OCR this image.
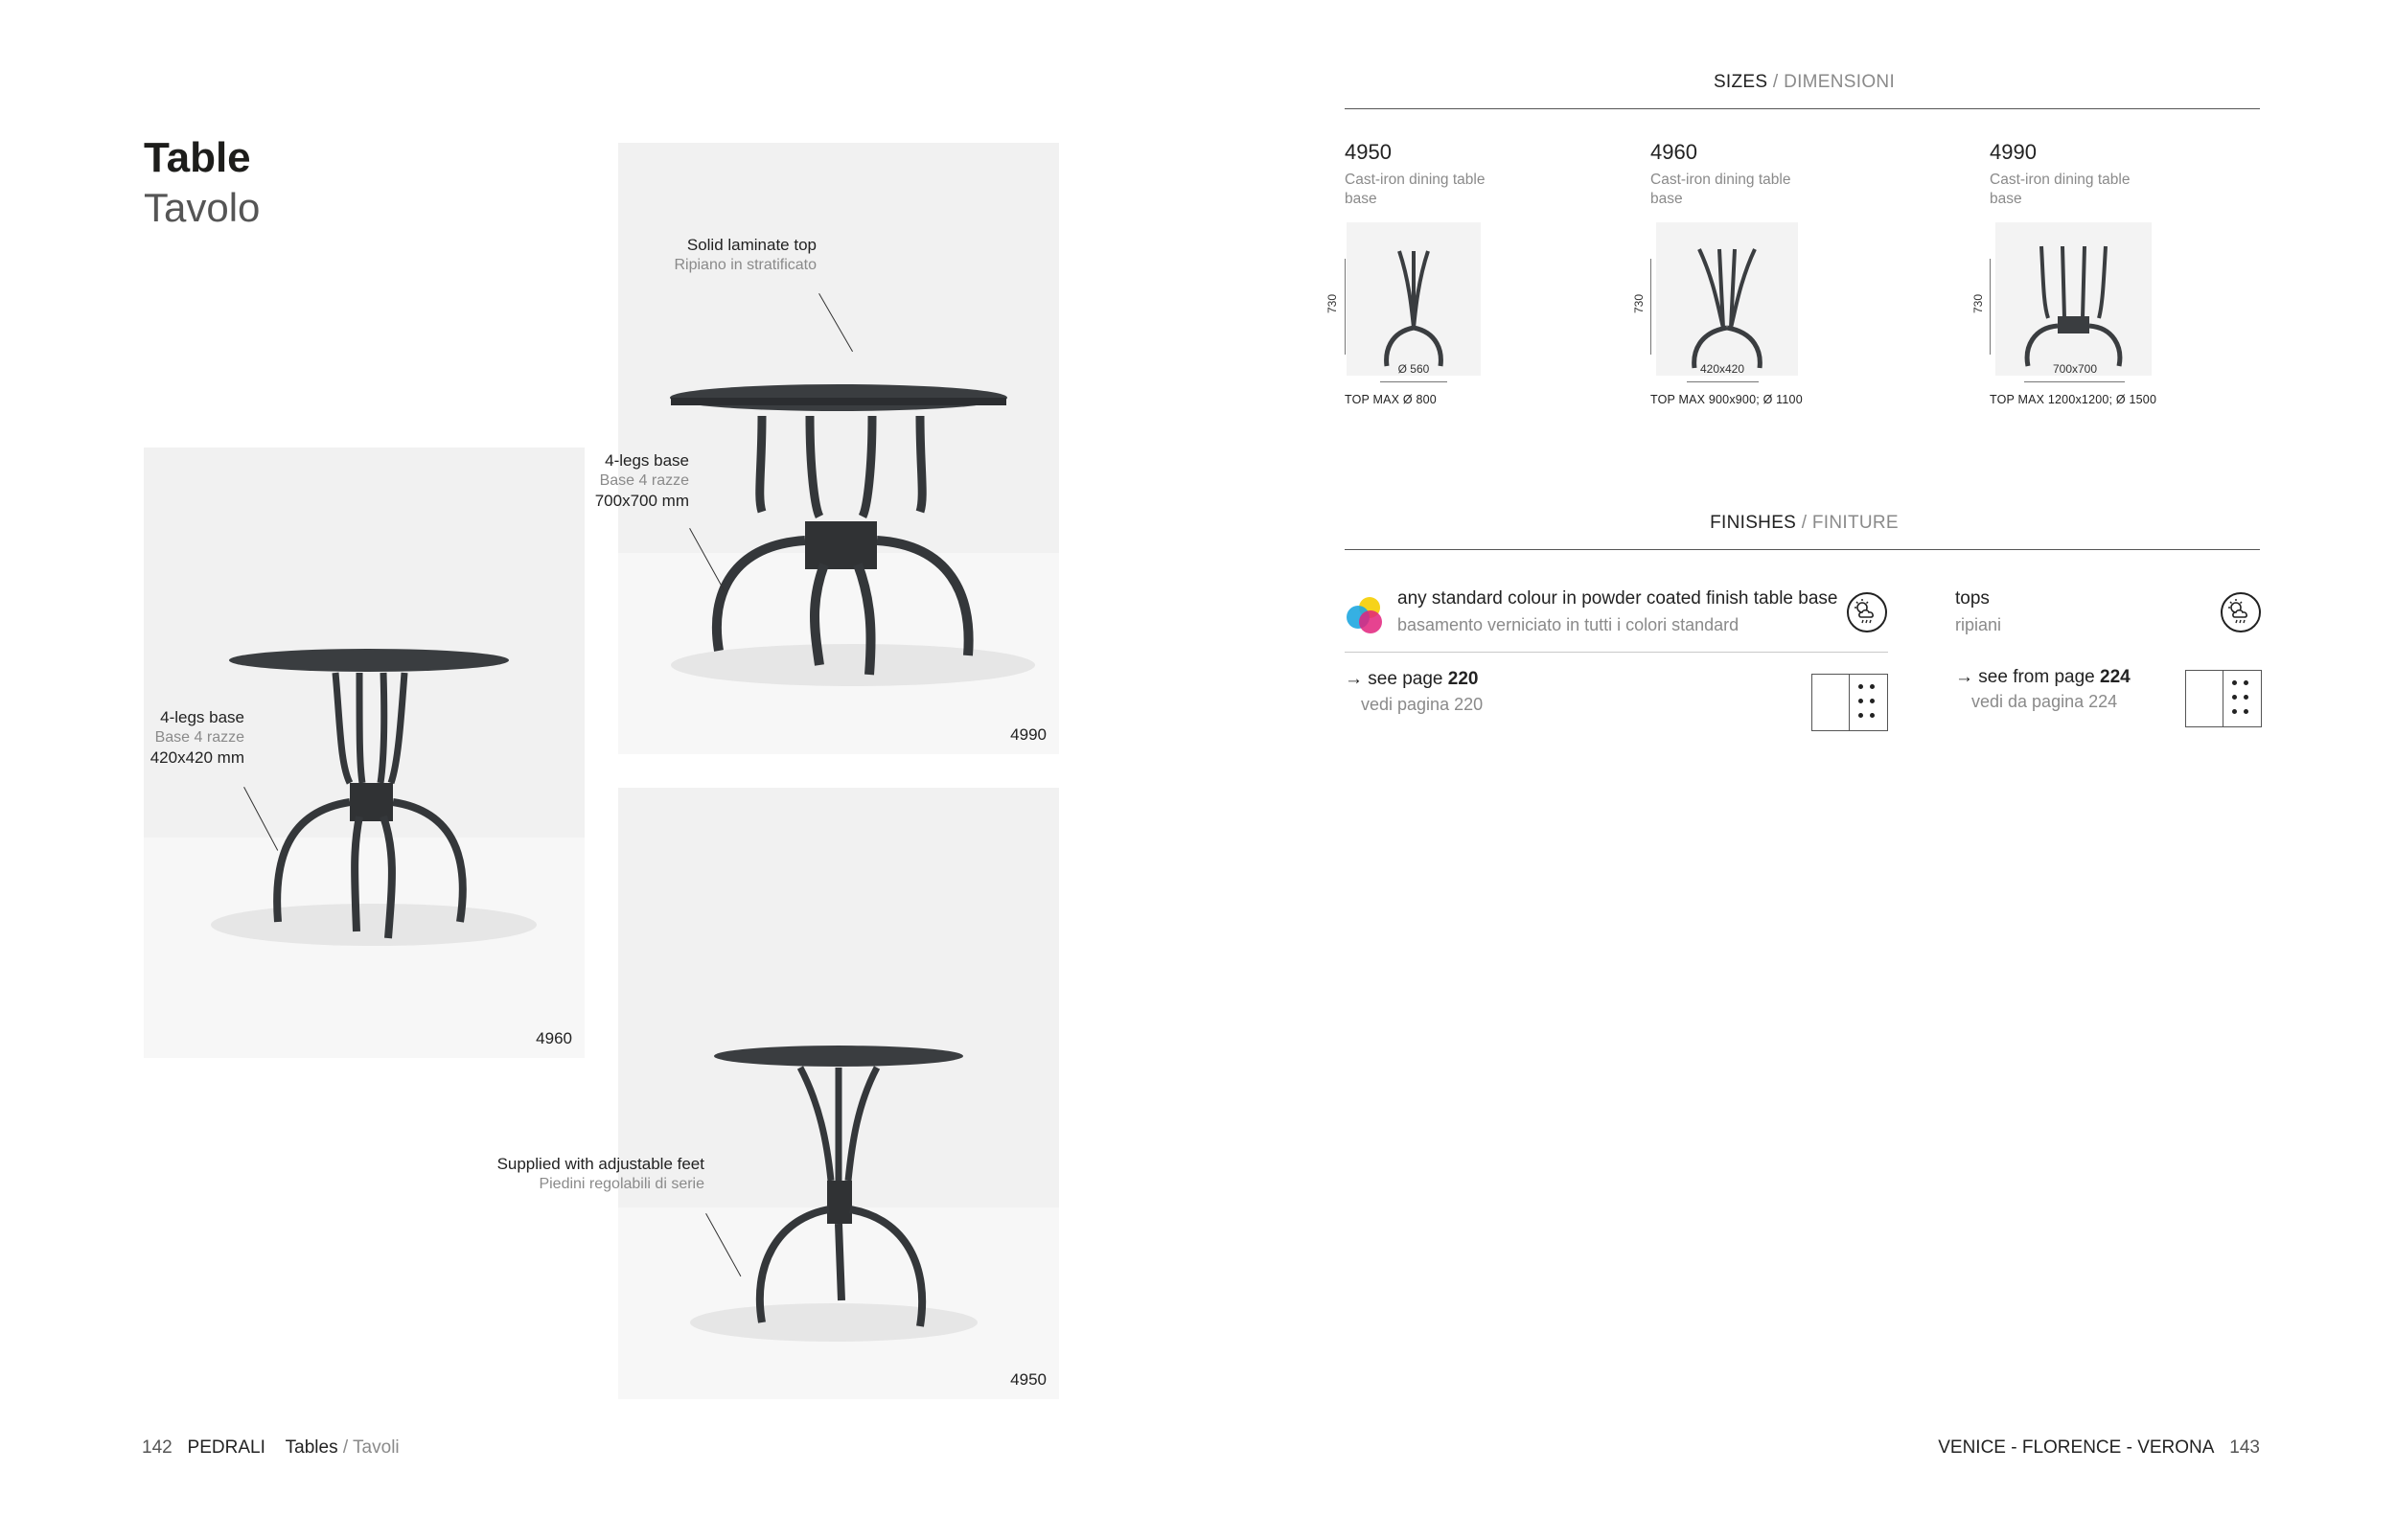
Table
Tavolo
4990
4960
4950
Solid laminate top
Ripiano in stratificato
4-legs base
Base 4 razze
700x700 mm
4-legs base
Base 4 razze
420x420 mm
Supplied with adjustable feet
Piedini regolabili di serie
142 PEDRALI Tables / Tavoli
SIZES / DIMENSIONI
4950
Cast-iron dining table base
730
Ø 560
TOP MAX Ø 800
4960
Cast-iron dining table base
730
420x420
TOP MAX 900x900; Ø 1100
4990
Cast-iron dining table base
730
700x700
TOP MAX 1200x1200; Ø 1500
FINISHES / FINITURE
any standard colour in powder coated finish table base
basamento verniciato in tutti i colori standard
→ see page 220
vedi pagina 220
tops
ripiani
→ see from page 224
vedi da pagina 224
VENICE - FLORENCE - VERONA 143
